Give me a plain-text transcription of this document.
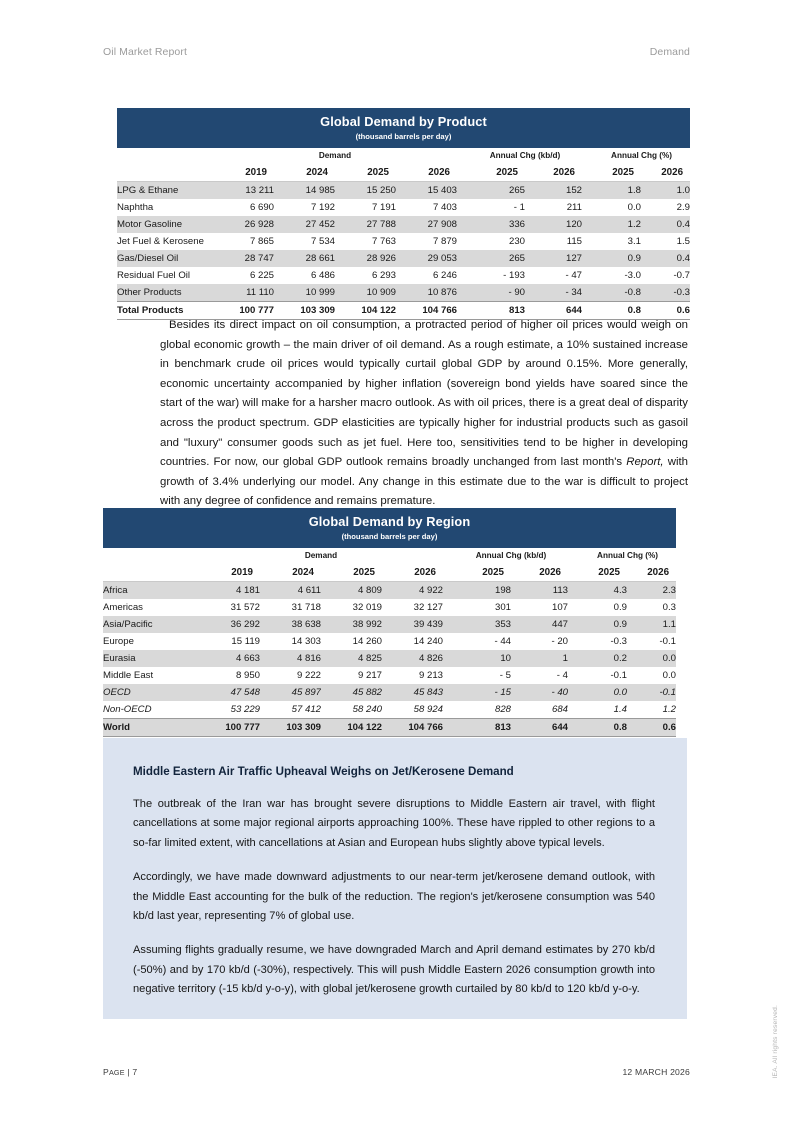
Oil Market Report	Demand
Global Demand by Product
(thousand barrels per day)
	Demand					Annual Chg (kb/d)			Annual Chg (%)	
	2019	2024	2025	2026		2025	2026		2025	2026
LPG & Ethane	13 211	14 985	15 250	15 403		265	152		1.8	1.0
Naphtha	6 690	7 192	7 191	7 403		- 1	211		0.0	2.9
Motor Gasoline	26 928	27 452	27 788	27 908		336	120		1.2	0.4
Jet Fuel & Kerosene	7 865	7 534	7 763	7 879		230	115		3.1	1.5
Gas/Diesel Oil	28 747	28 661	28 926	29 053		265	127		0.9	0.4
Residual Fuel Oil	6 225	6 486	6 293	6 246		- 193	- 47		-3.0	-0.7
Other Products	11 110	10 999	10 909	10 876		- 90	- 34		-0.8	-0.3
Total Products	100 777	103 309	104 122	104 766		813	644		0.8	0.6

Besides its direct impact on oil consumption, a protracted period of higher oil prices would weigh on global economic growth – the main driver of oil demand. As a rough estimate, a 10% sustained increase in benchmark crude oil prices would typically curtail global GDP by around 0.15%. More generally, economic uncertainty accompanied by higher inflation (sovereign bond yields have soared since the start of the war) will make for a harsher macro outlook. As with oil prices, there is a great deal of disparity across the product spectrum. GDP elasticities are typically higher for industrial products such as gasoil and "luxury" consumer goods such as jet fuel. Here too, sensitivities tend to be higher in developing countries. For now, our global GDP outlook remains broadly unchanged from last month's Report, with growth of 3.4% underlying our model. Any change in this estimate due to the war is difficult to project with any degree of confidence and remains premature.

Global Demand by Region
(thousand barrels per day)
	Demand					Annual Chg (kb/d)			Annual Chg (%)	
	2019	2024	2025	2026		2025	2026		2025	2026
Africa	4 181	4 611	4 809	4 922		198	113		4.3	2.3
Americas	31 572	31 718	32 019	32 127		301	107		0.9	0.3
Asia/Pacific	36 292	38 638	38 992	39 439		353	447		0.9	1.1
Europe	15 119	14 303	14 260	14 240		- 44	- 20		-0.3	-0.1
Eurasia	4 663	4 816	4 825	4 826		10	1		0.2	0.0
Middle East	8 950	9 222	9 217	9 213		- 5	- 4		-0.1	0.0
OECD	47 548	45 897	45 882	45 843		- 15	- 40		0.0	-0.1
Non-OECD	53 229	57 412	58 240	58 924		828	684		1.4	1.2
World	100 777	103 309	104 122	104 766		813	644		0.8	0.6
Middle Eastern Air Traffic Upheaval Weighs on Jet/Kerosene Demand

The outbreak of the Iran war has brought severe disruptions to Middle Eastern air travel, with flight cancellations at some major regional airports approaching 100%. These have rippled to other regions to a so-far limited extent, with cancellations at Asian and European hubs slightly above typical levels.

Accordingly, we have made downward adjustments to our near-term jet/kerosene demand outlook, with the Middle East accounting for the bulk of the reduction. The region's jet/kerosene consumption was 540 kb/d last year, representing 7% of global use.

Assuming flights gradually resume, we have downgraded March and April demand estimates by 270 kb/d (-50%) and by 170 kb/d (-30%), respectively. This will push Middle Eastern 2026 consumption growth into negative territory (-15 kb/d y-o-y), with global jet/kerosene growth curtailed by 80 kb/d to 120 kb/d y-o-y.

PAGE | 7	12 MARCH 2026	IEA. All rights reserved.
